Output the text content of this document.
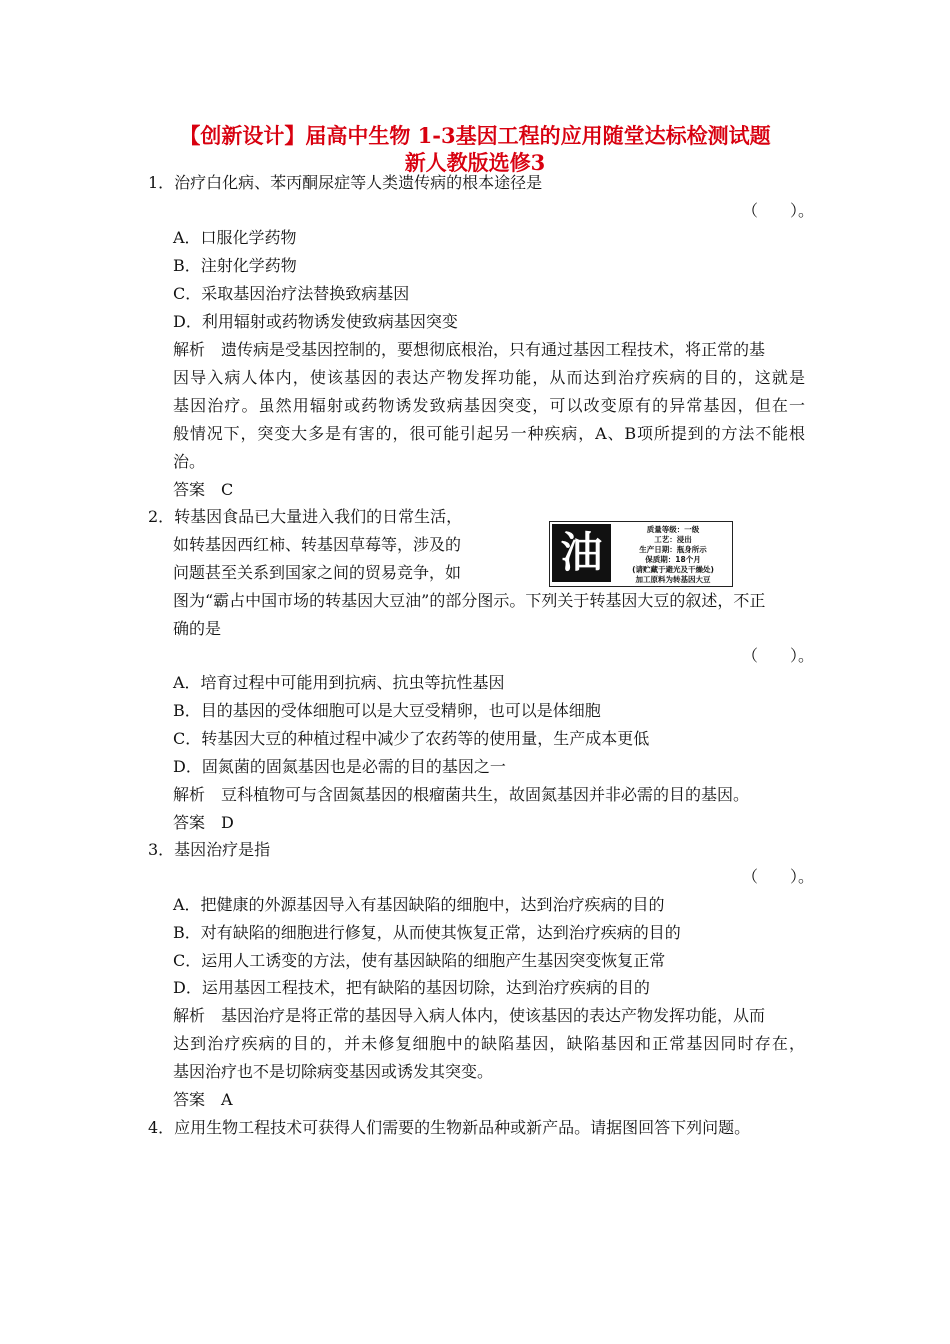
【创新设计】届高中生物 1-3基因工程的应用随堂达标检测试题
新人教版选修3
1．治疗白化病、苯丙酮尿症等人类遗传病的根本途径是
（　　）。
A．口服化学药物
B．注射化学药物
C．采取基因治疗法替换致病基因
D．利用辐射或药物诱发使致病基因突变
解析 遗传病是受基因控制的，要想彻底根治，只有通过基因工程技术，将正常的基
因导入病人体内，使该基因的表达产物发挥功能，从而达到治疗疾病的目的，这就是
基因治疗。虽然用辐射或药物诱发致病基因突变，可以改变原有的异常基因，但在一
般情况下，突变大多是有害的，很可能引起另一种疾病，A、B项所提到的方法不能根
治。
答案 C
2．转基因食品已大量进入我们的日常生活，
如转基因西红柿、转基因草莓等，涉及的
问题甚至关系到国家之间的贸易竞争，如
图为“霸占中国市场的转基因大豆油”的部分图示。下列关于转基因大豆的叙述，不正
确的是
油	质量等级：一级
工艺：浸出
生产日期：瓶身所示
保质期：18个月
(请贮藏于避光及干燥处)
加工原料为转基因大豆
（　　）。
A．培育过程中可能用到抗病、抗虫等抗性基因
B．目的基因的受体细胞可以是大豆受精卵，也可以是体细胞
C．转基因大豆的种植过程中减少了农药等的使用量，生产成本更低
D．固氮菌的固氮基因也是必需的目的基因之一
解析 豆科植物可与含固氮基因的根瘤菌共生，故固氮基因并非必需的目的基因。
答案 D
3．基因治疗是指
（　　）。
A．把健康的外源基因导入有基因缺陷的细胞中，达到治疗疾病的目的
B．对有缺陷的细胞进行修复，从而使其恢复正常，达到治疗疾病的目的
C．运用人工诱变的方法，使有基因缺陷的细胞产生基因突变恢复正常
D．运用基因工程技术，把有缺陷的基因切除，达到治疗疾病的目的
解析 基因治疗是将正常的基因导入病人体内，使该基因的表达产物发挥功能，从而
达到治疗疾病的目的，并未修复细胞中的缺陷基因，缺陷基因和正常基因同时存在，
基因治疗也不是切除病变基因或诱发其突变。
答案 A
4．应用生物工程技术可获得人们需要的生物新品种或新产品。请据图回答下列问题。
